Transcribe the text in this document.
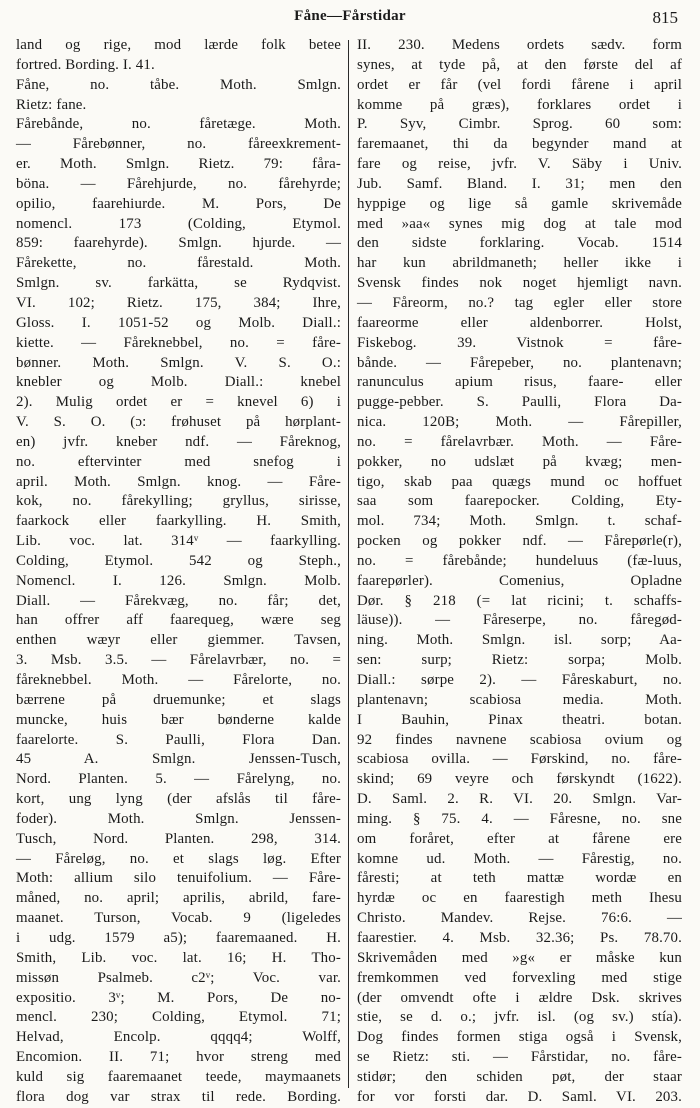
Fåne—Fårstidar	815
land og rige, mod lærde folk betee
fortred. Bording. I. 41.
Fåne, no. tåbe. Moth. Smlgn.
Rietz: fane.
Fårebånde, no. fåretæge. Moth.
— Fårebønner, no. fåreexkrement-
er. Moth. Smlgn. Rietz. 79: fåra-
böna. — Fårehjurde, no. fårehyrde;
opilio, faarehiurde. M. Pors, De
nomencl. 173 (Colding, Etymol.
859: faarehyrde). Smlgn. hjurde. —
Fårekette, no. fårestald. Moth.
Smlgn. sv. farkätta, se Rydqvist.
VI. 102; Rietz. 175, 384; Ihre,
Gloss. I. 1051-52 og Molb. Diall.:
kiette. — Fåreknebbel, no. = fåre-
bønner. Moth. Smlgn. V. S. O.:
knebler og Molb. Diall.: knebel
2). Mulig ordet er = knevel 6) i
V. S. O. (ɔ: frøhuset på hørplant-
en) jvfr. kneber ndf. — Fåreknog,
no. eftervinter med snefog i
april. Moth. Smlgn. knog. — Fåre-
kok, no. fårekylling; gryllus, sirisse,
faarkock eller faarkylling. H. Smith,
Lib. voc. lat. 314ᵛ — faarkylling.
Colding, Etymol. 542 og Steph.,
Nomencl. I. 126. Smlgn. Molb.
Diall. — Fårekvæg, no. får; det,
han offrer aff faarequeg, wære seg
enthen wæyr eller giemmer. Tavsen,
3. Msb. 3.5. — Fårelavrbær, no. =
fåreknebbel. Moth. — Fårelorte, no.
bærrene på druemunke; et slags
muncke, huis bær bønderne kalde
faarelorte. S. Paulli, Flora Dan.
45 A. Smlgn. Jenssen-Tusch,
Nord. Planten. 5. — Fårelyng, no.
kort, ung lyng (der afslås til fåre-
foder). Moth. Smlgn. Jenssen-
Tusch, Nord. Planten. 298, 314.
— Fåreløg, no. et slags løg. Efter
Moth: allium silo tenuifolium. — Fåre-
måned, no. april; aprilis, abrild, fare-
maanet. Turson, Vocab. 9 (ligeledes
i udg. 1579 a5); faaremaaned. H.
Smith, Lib. voc. lat. 16; H. Tho-
missøn Psalmeb. c2ᵛ; Voc. var.
expositio. 3ᵛ; M. Pors, De no-
mencl. 230; Colding, Etymol. 71;
Helvad, Encolp. qqqq4; Wolff,
Encomion. II. 71; hvor streng med
kuld sig faaremaanet teede, maymaanets
flora dog var strax til rede. Bording.
II. 230. Medens ordets sædv. form
synes, at tyde på, at den første del af
ordet er får (vel fordi fårene i april
komme på græs), forklares ordet i
P. Syv, Cimbr. Sprog. 60 som:
faremaanet, thi da begynder mand at
fare og reise, jvfr. V. Säby i Univ.
Jub. Samf. Bland. I. 31; men den
hyppige og lige så gamle skrivemåde
med »aa« synes mig dog at tale mod
den sidste forklaring. Vocab. 1514
har kun abrildmaneth; heller ikke i
Svensk findes nok noget hjemligt navn.
— Fåreorm, no.? tag egler eller store
faareorme eller aldenborrer. Holst,
Fiskebog. 39. Vistnok = fåre-
bånde. — Fårepeber, no. plantenavn;
ranunculus apium risus, faare- eller
pugge-pebber. S. Paulli, Flora Da-
nica. 120B; Moth. — Fårepiller,
no. = fårelavrbær. Moth. — Fåre-
pokker, no udslæt på kvæg; men-
tigo, skab paa quægs mund oc hoffuet
saa som faarepocker. Colding, Ety-
mol. 734; Moth. Smlgn. t. schaf-
pocken og pokker ndf. — Fårepørle(r),
no. = fårebånde; hundeluus (fæ-luus,
faarepørler). Comenius, Opladne
Dør. § 218 (= lat ricini; t. schaffs-
läuse)). — Fåreserpe, no. fåregød-
ning. Moth. Smlgn. isl. sorp; Aa-
sen: surp; Rietz: sorpa; Molb.
Diall.: sørpe 2). — Fåreskaburt, no.
plantenavn; scabiosa media. Moth.
I Bauhin, Pinax theatri. botan.
92 findes navnene scabiosa ovium og
scabiosa ovilla. — Førskind, no. fåre-
skind; 69 veyre och førskyndt (1622).
D. Saml. 2. R. VI. 20. Smlgn. Var-
ming. § 75. 4. — Fåresne, no. sne
om foråret, efter at fårene ere
komne ud. Moth. — Fårestig, no.
fåresti; at teth mattæ wordæ en
hyrdæ oc en faarestigh meth Ihesu
Christo. Mandev. Rejse. 76:6. —
faarestier. 4. Msb. 32.36; Ps. 78.70.
Skrivemåden med »g« er måske kun
fremkommen ved forvexling med stige
(der omvendt ofte i ældre Dsk. skrives
stie, se d. o.; jvfr. isl. (og sv.) stía).
Dog findes formen stiga også i Svensk,
se Rietz: sti. — Fårstidar, no. fåre-
stidør; den schiden pøt, der staar
for vor forsti dar. D. Saml. VI. 203.
